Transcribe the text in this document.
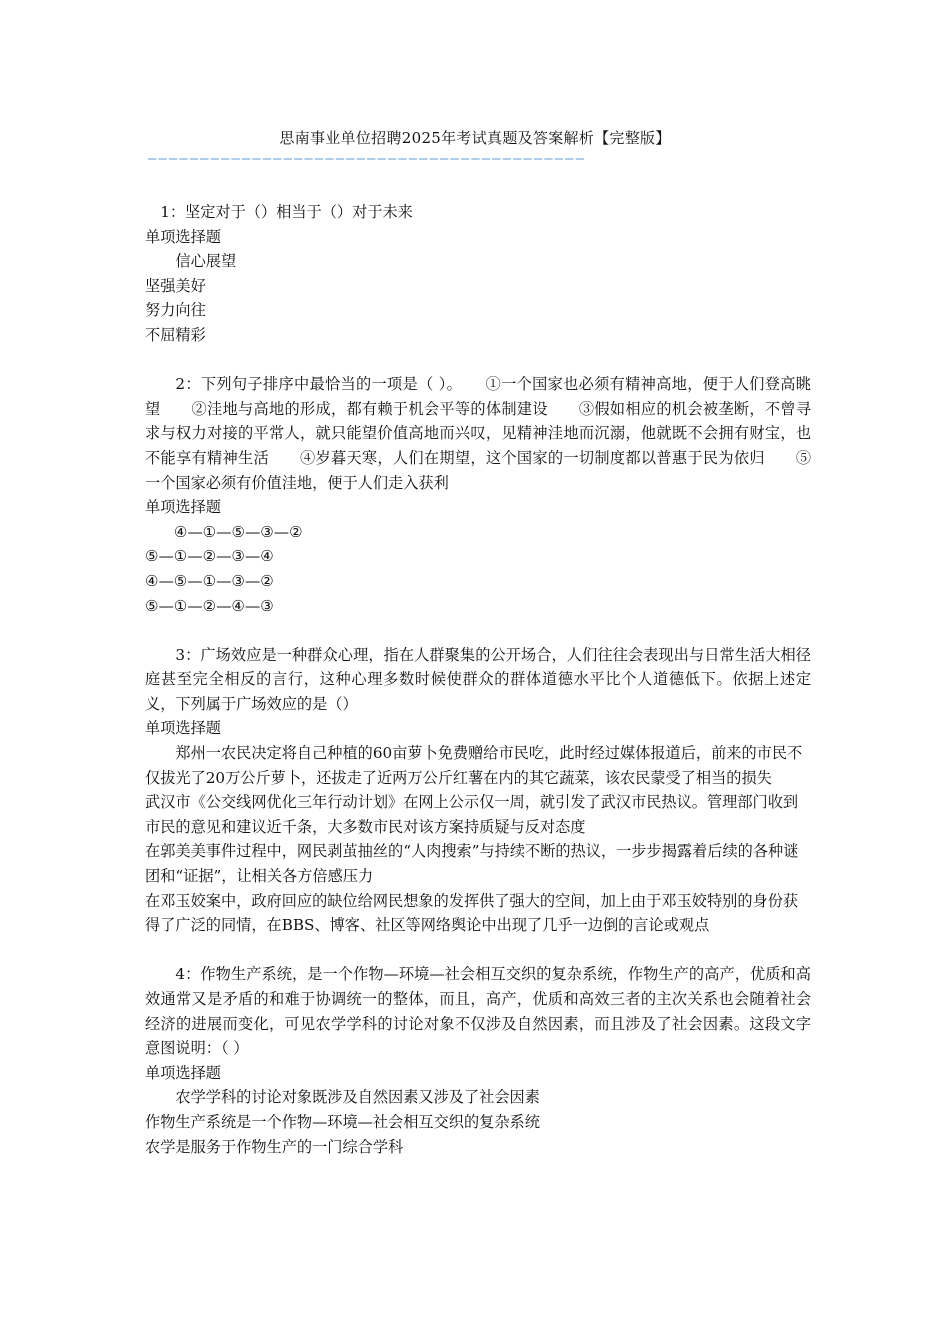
思南事业单位招聘2025年考试真题及答案解析【完整版】
——————————————————————————————————————————
1：坚定对于（）相当于（）对于未来
单项选择题
信心展望
坚强美好
努力向往
不屈精彩
2：下列句子排序中最恰当的一项是（ ）。　　①一个国家也必须有精神高地，便于人们登高眺望　　②洼地与高地的形成，都有赖于机会平等的体制建设　　③假如相应的机会被垄断，不曾寻求与权力对接的平常人，就只能望价值高地而兴叹，见精神洼地而沉溺，他就既不会拥有财宝，也不能享有精神生活　　④岁暮天寒，人们在期望，这个国家的一切制度都以普惠于民为依归　　⑤一个国家必须有价值洼地，便于人们走入获利
单项选择题
④—①—⑤—③—②
⑤—①—②—③—④
④—⑤—①—③—②
⑤—①—②—④—③
3：广场效应是一种群众心理，指在人群聚集的公开场合，人们往往会表现出与日常生活大相径庭甚至完全相反的言行，这种心理多数时候使群众的群体道德水平比个人道德低下。依据上述定义，下列属于广场效应的是（）
单项选择题
郑州一农民决定将自己种植的60亩萝卜免费赠给市民吃，此时经过媒体报道后，前来的市民不仅拔光了20万公斤萝卜，还拔走了近两万公斤红薯在内的其它蔬菜，该农民蒙受了相当的损失
武汉市《公交线网优化三年行动计划》在网上公示仅一周，就引发了武汉市民热议。管理部门收到市民的意见和建议近千条，大多数市民对该方案持质疑与反对态度
在郭美美事件过程中，网民剥茧抽丝的“人肉搜索”与持续不断的热议，一步步揭露着后续的各种谜团和“证据”，让相关各方倍感压力
在邓玉姣案中，政府回应的缺位给网民想象的发挥供了强大的空间，加上由于邓玉姣特别的身份获得了广泛的同情，在BBS、博客、社区等网络舆论中出现了几乎一边倒的言论或观点
4：作物生产系统，是一个作物—环境—社会相互交织的复杂系统，作物生产的高产，优质和高效通常又是矛盾的和难于协调统一的整体，而且，高产，优质和高效三者的主次关系也会随着社会经济的进展而变化，可见农学学科的讨论对象不仅涉及自然因素，而且涉及了社会因素。这段文字意图说明：（ ）
单项选择题
农学学科的讨论对象既涉及自然因素又涉及了社会因素
作物生产系统是一个作物—环境—社会相互交织的复杂系统
农学是服务于作物生产的一门综合学科
